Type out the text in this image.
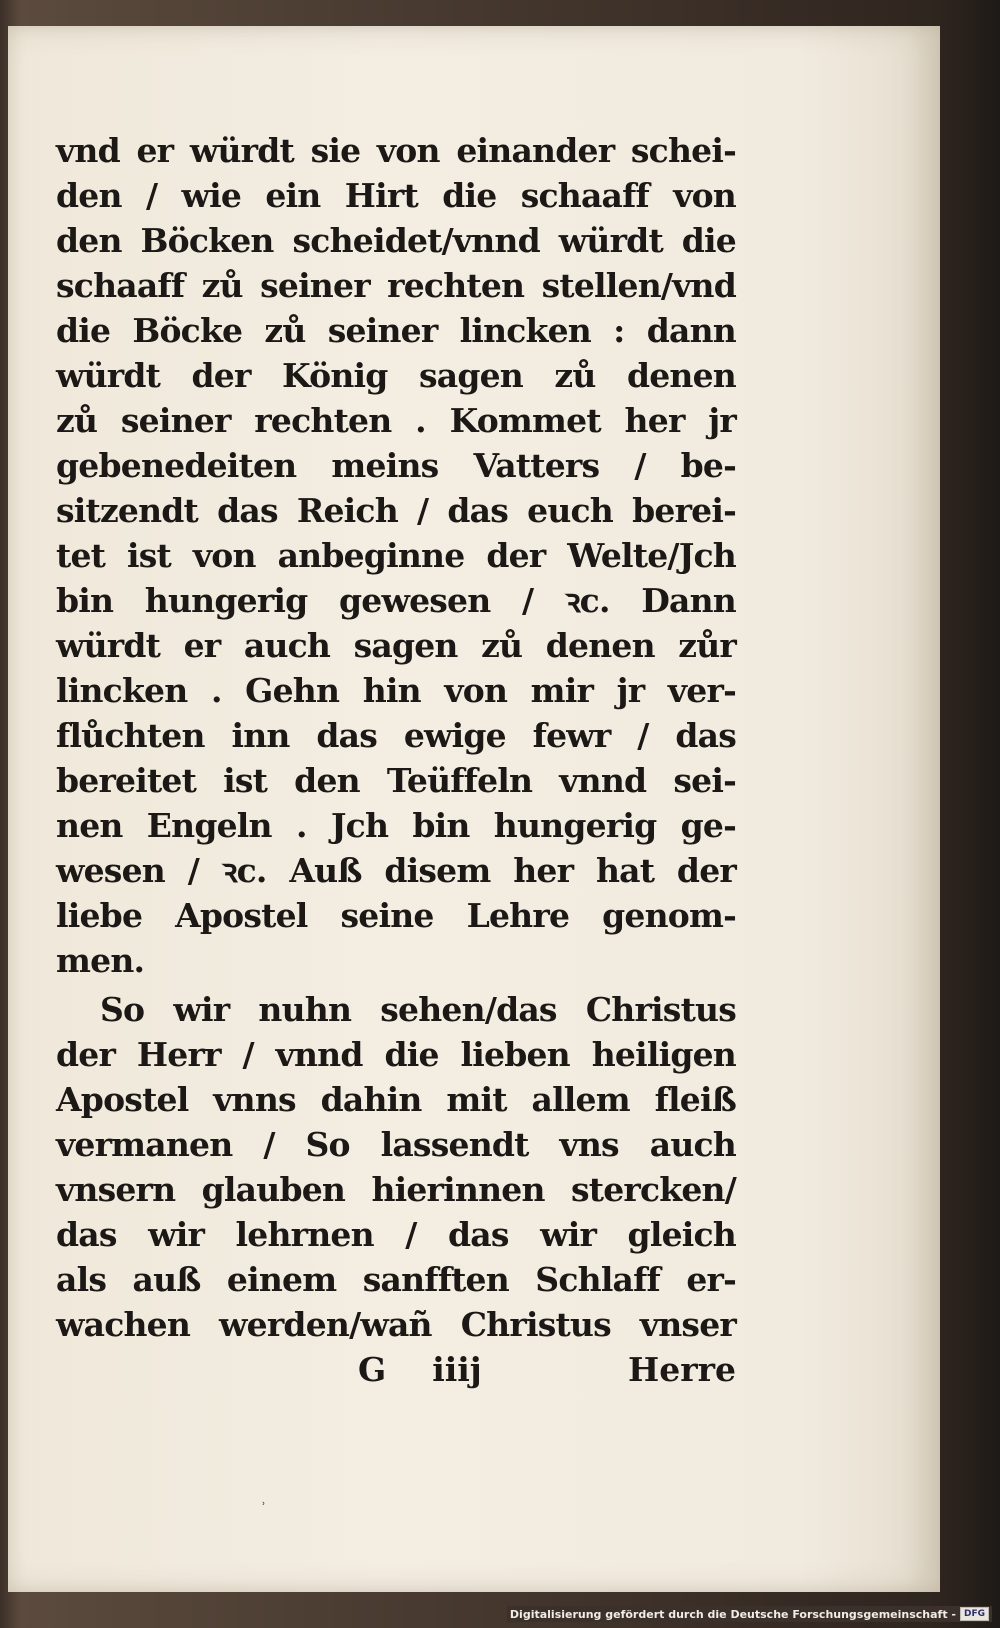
vnd er würdt sie von einander schei-
den / wie ein Hirt die schaaff von
den Böcken scheidet/vnnd würdt die
schaaff zů seiner rechten stellen/vnd
die Böcke zů seiner lincken : dann
würdt der König sagen zů denen
zů seiner rechten . Kommet her jr
gebenedeiten meins Vatters / be-
sitzendt das Reich / das euch berei-
tet ist von anbeginne der Welte/Jch
bin hungerig gewesen / ꝛc. Dann
würdt er auch sagen zů denen zůr
lincken . Gehn hin von mir jr ver-
flůchten inn das ewige fewr / das
bereitet ist den Teüffeln vnnd sei-
nen Engeln . Jch bin hungerig ge-
wesen / ꝛc. Auß disem her hat der
liebe Apostel seine Lehre genom-
men.
So wir nuhn sehen/das Christus
der Herr / vnnd die lieben heiligen
Apostel vnns dahin mit allem fleiß
vermanen / So lassendt vns auch
vnsern glauben hierinnen stercken/
das wir lehrnen / das wir gleich
als auß einem sanfften Schlaff er-
wachen werden/wañ Christus vnser
G iiij	Herre
ʾ
Digitalisierung gefördert durch die Deutsche Forschungsgemeinschaft - DFG
